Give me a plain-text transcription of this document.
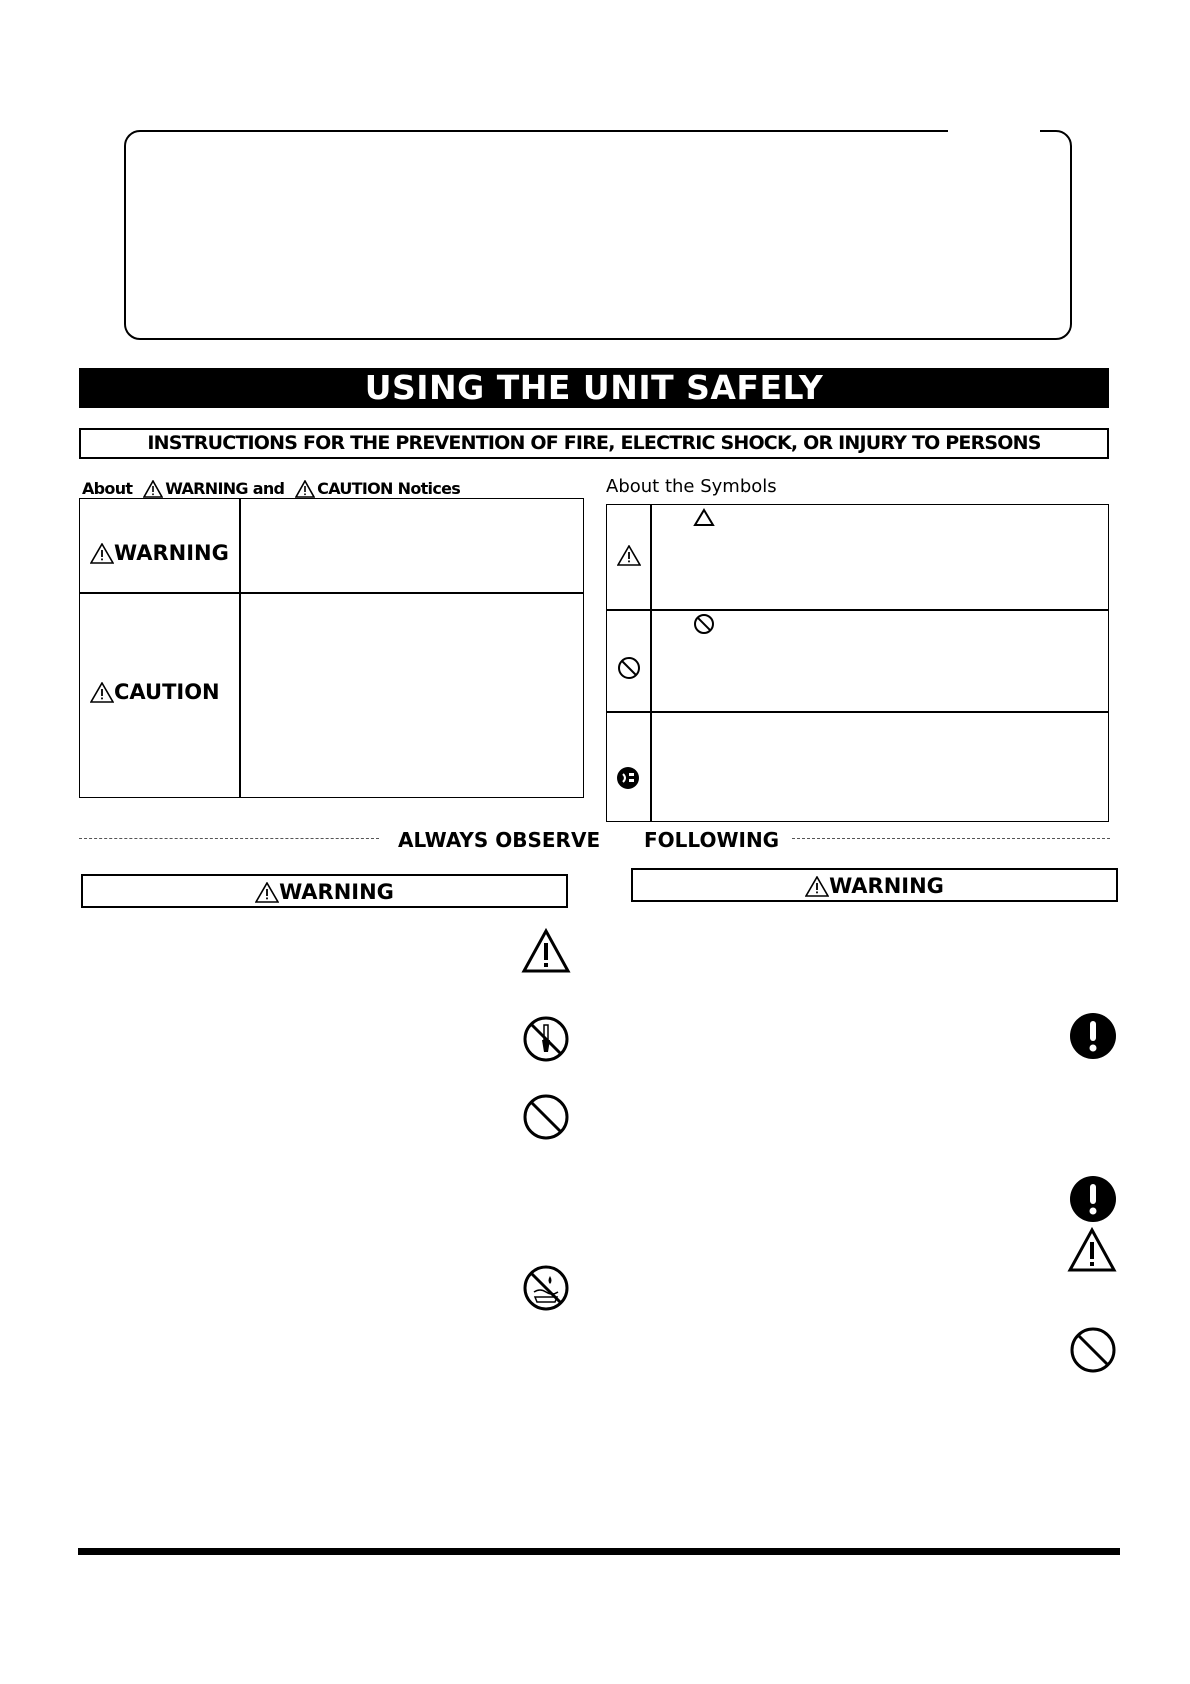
USING THE UNIT SAFELY
INSTRUCTIONS FOR THE PREVENTION OF FIRE, ELECTRIC SHOCK, OR INJURY TO PERSONS
About WARNING and CAUTION Notices
WARNING
CAUTION
About the Symbols
ALWAYS OBSERVE FOLLOWING
WARNING	WARNING
